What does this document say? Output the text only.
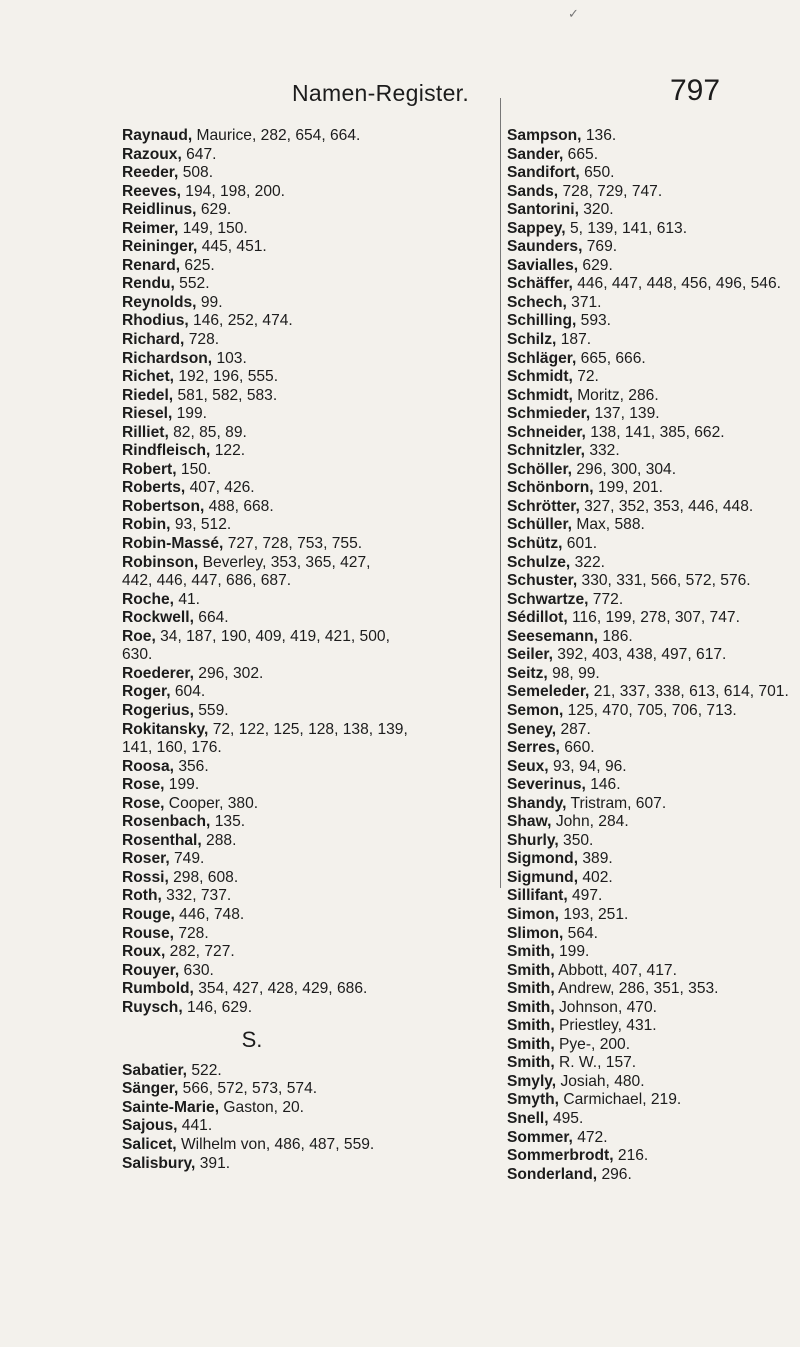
✓
Namen-Register.	797
Raynaud, Maurice, 282, 654, 664.
Razoux, 647.
Reeder, 508.
Reeves, 194, 198, 200.
Reidlinus, 629.
Reimer, 149, 150.
Reininger, 445, 451.
Renard, 625.
Rendu, 552.
Reynolds, 99.
Rhodius, 146, 252, 474.
Richard, 728.
Richardson, 103.
Richet, 192, 196, 555.
Riedel, 581, 582, 583.
Riesel, 199.
Rilliet, 82, 85, 89.
Rindfleisch, 122.
Robert, 150.
Roberts, 407, 426.
Robertson, 488, 668.
Robin, 93, 512.
Robin-Massé, 727, 728, 753, 755.
Robinson, Beverley, 353, 365, 427,
442, 446, 447, 686, 687.
Roche, 41.
Rockwell, 664.
Roe, 34, 187, 190, 409, 419, 421, 500,
630.
Roederer, 296, 302.
Roger, 604.
Rogerius, 559.
Rokitansky, 72, 122, 125, 128, 138, 139,
141, 160, 176.
Roosa, 356.
Rose, 199.
Rose, Cooper, 380.
Rosenbach, 135.
Rosenthal, 288.
Roser, 749.
Rossi, 298, 608.
Roth, 332, 737.
Rouge, 446, 748.
Rouse, 728.
Roux, 282, 727.
Rouyer, 630.
Rumbold, 354, 427, 428, 429, 686.
Ruysch, 146, 629.
S.
Sabatier, 522.
Sänger, 566, 572, 573, 574.
Sainte-Marie, Gaston, 20.
Sajous, 441.
Salicet, Wilhelm von, 486, 487, 559.
Salisbury, 391.
Sampson, 136.
Sander, 665.
Sandifort, 650.
Sands, 728, 729, 747.
Santorini, 320.
Sappey, 5, 139, 141, 613.
Saunders, 769.
Savialles, 629.
Schäffer, 446, 447, 448, 456, 496, 546.
Schech, 371.
Schilling, 593.
Schilz, 187.
Schläger, 665, 666.
Schmidt, 72.
Schmidt, Moritz, 286.
Schmieder, 137, 139.
Schneider, 138, 141, 385, 662.
Schnitzler, 332.
Schöller, 296, 300, 304.
Schönborn, 199, 201.
Schrötter, 327, 352, 353, 446, 448.
Schüller, Max, 588.
Schütz, 601.
Schulze, 322.
Schuster, 330, 331, 566, 572, 576.
Schwartze, 772.
Sédillot, 116, 199, 278, 307, 747.
Seesemann, 186.
Seiler, 392, 403, 438, 497, 617.
Seitz, 98, 99.
Semeleder, 21, 337, 338, 613, 614, 701.
Semon, 125, 470, 705, 706, 713.
Seney, 287.
Serres, 660.
Seux, 93, 94, 96.
Severinus, 146.
Shandy, Tristram, 607.
Shaw, John, 284.
Shurly, 350.
Sigmond, 389.
Sigmund, 402.
Sillifant, 497.
Simon, 193, 251.
Slimon, 564.
Smith, 199.
Smith, Abbott, 407, 417.
Smith, Andrew, 286, 351, 353.
Smith, Johnson, 470.
Smith, Priestley, 431.
Smith, Pye-, 200.
Smith, R. W., 157.
Smyly, Josiah, 480.
Smyth, Carmichael, 219.
Snell, 495.
Sommer, 472.
Sommerbrodt, 216.
Sonderland, 296.
